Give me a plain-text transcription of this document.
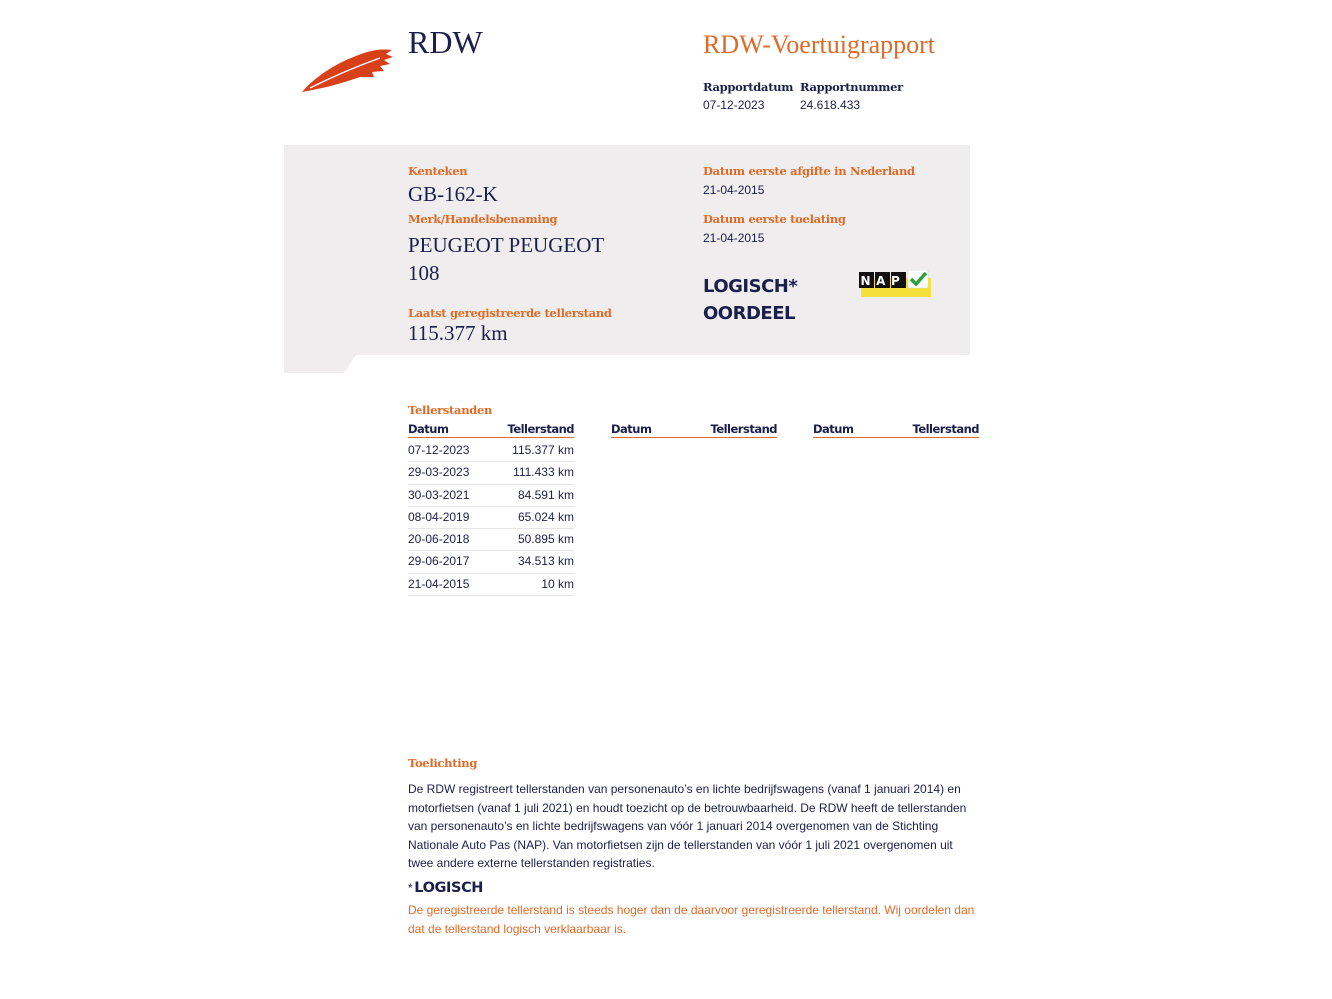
RDW	RDW-Voertuigrapport
Rapportdatum
07-12-2023
Rapportnummer
24.618.433
Kenteken
GB-162-K
Merk/Handelsbenaming
PEUGEOT PEUGEOT 108
Laatst geregistreerde tellerstand
115.377 km
Datum eerste afgifte in Nederland
21-04-2015
Datum eerste toelating
21-04-2015
LOGISCH*
OORDEEL
NAP
Tellerstanden
Datum	Tellerstand
07-12-2023	115.377 km
29-03-2023	111.433 km
30-03-2021	84.591 km
08-04-2019	65.024 km
20-06-2018	50.895 km
29-06-2017	34.513 km
21-04-2015	10 km
Datum	Tellerstand	Datum	Tellerstand
Toelichting
De RDW registreert tellerstanden van personenauto’s en lichte bedrijfswagens (vanaf 1 januari 2014) en motorfietsen (vanaf 1 juli 2021) en houdt toezicht op de betrouwbaarheid. De RDW heeft de tellerstanden van personenauto’s en lichte bedrijfswagens van vóór 1 januari 2014 overgenomen van de Stichting Nationale Auto Pas (NAP). Van motorfietsen zijn de tellerstanden van vóór 1 juli 2021 overgenomen uit twee andere externe tellerstanden registraties.
* LOGISCH
De geregistreerde tellerstand is steeds hoger dan de daarvoor geregistreerde tellerstand. Wij oordelen dan dat de tellerstand logisch verklaarbaar is.
